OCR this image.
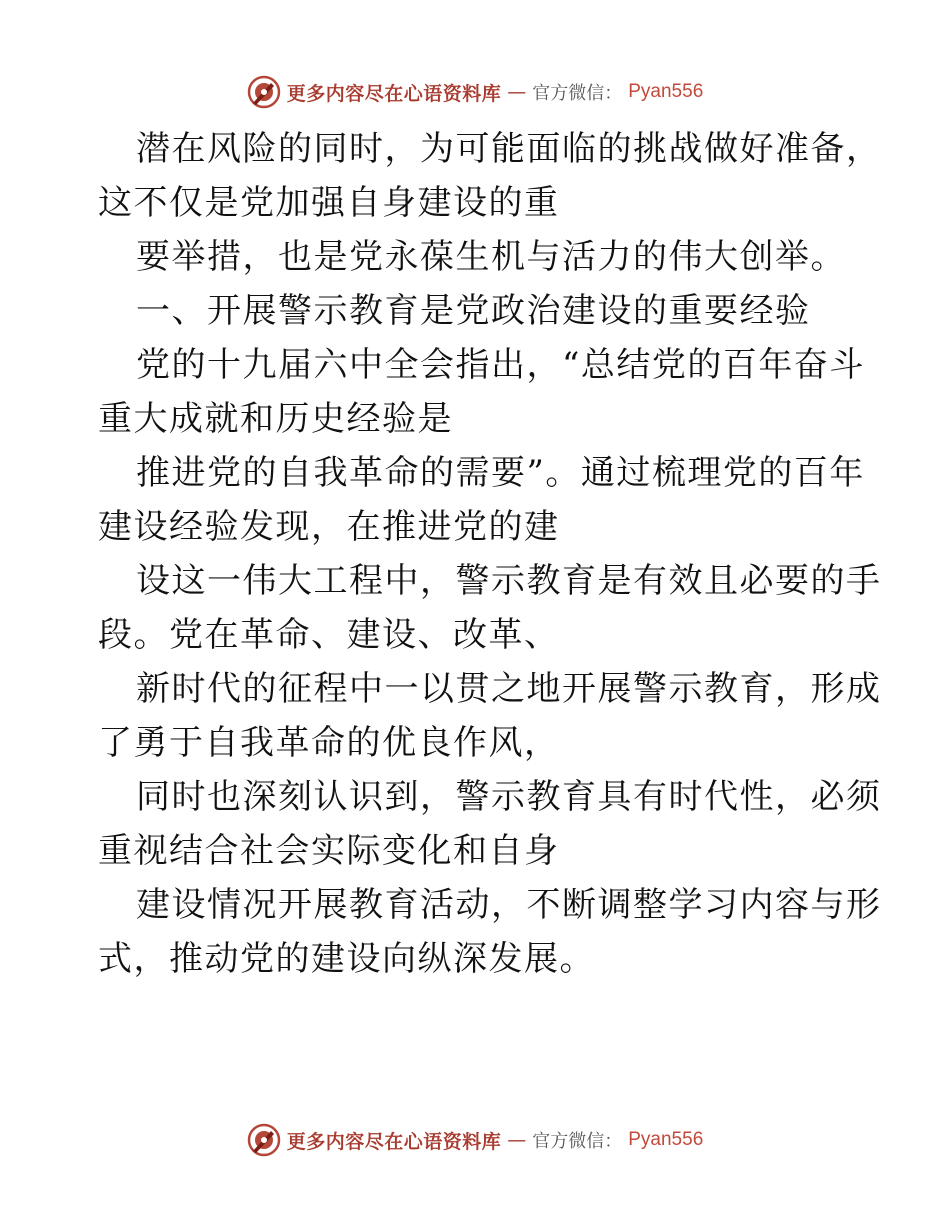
更多内容尽在心语资料库 — 官方微信： Pyan556

潜在风险的同时，为可能面临的挑战做好准备，
这不仅是党加强自身建设的重
要举措，也是党永葆生机与活力的伟大创举。
一、开展警示教育是党政治建设的重要经验
党的十九届六中全会指出，“总结党的百年奋斗
重大成就和历史经验是
推进党的自我革命的需要”。通过梳理党的百年
建设经验发现，在推进党的建
设这一伟大工程中，警示教育是有效且必要的手
段。党在革命、建设、改革、
新时代的征程中一以贯之地开展警示教育，形成
了勇于自我革命的优良作风，
同时也深刻认识到，警示教育具有时代性，必须
重视结合社会实际变化和自身
建设情况开展教育活动，不断调整学习内容与形
式，推动党的建设向纵深发展。

更多内容尽在心语资料库 — 官方微信： Pyan556
